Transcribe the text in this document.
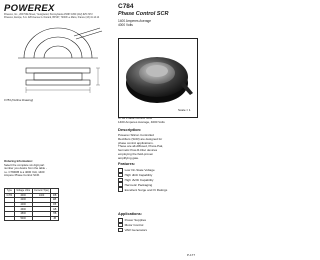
POWEREX
Powerex, Inc., 200 Hillis Street, Youngwood, Pennsylvania 15697-1800 (412) 925-7272
Powerex, Europe, S.A. 428 Avenue G. Durand, BP107, 72003 Le Mans, France (43) 41.14.14
C784
Phase Control SCR
1400 Amperes Average
4000 Volts
C784 (Outline Drawing)
Scale = 1
C784 Phase Control SCR
1400 Amperes Average, 4000 Volts
Ordering Information:
Select the complete six digit part
number you desire from the table -
i.e. C784DB is a 4000 Volt, 1400
Ampere Phase Control SCR.
Type	Voltage Volts	Current IT(av)	
C784	4000	1400	DB
	4200		EB
	4400		FB
	4600		GB
	4800		HB
	5000		JB
Description:
Powerex Silicon Controlled
Rectifiers (SCR) are designed for
phase control applications.
These are all-diffused, Press-Pak,
hermetic Pow-R-Disc devices
employing the field-proven
amplifying gate.
Features:
Low On-State Voltage
High dI/dt Capability
High dV/dt Capability
Hermetic Packaging
Excellent Surge and I²t Ratings
Applications:
Power Supplies
Motor Control
VAR Generators
P-177
